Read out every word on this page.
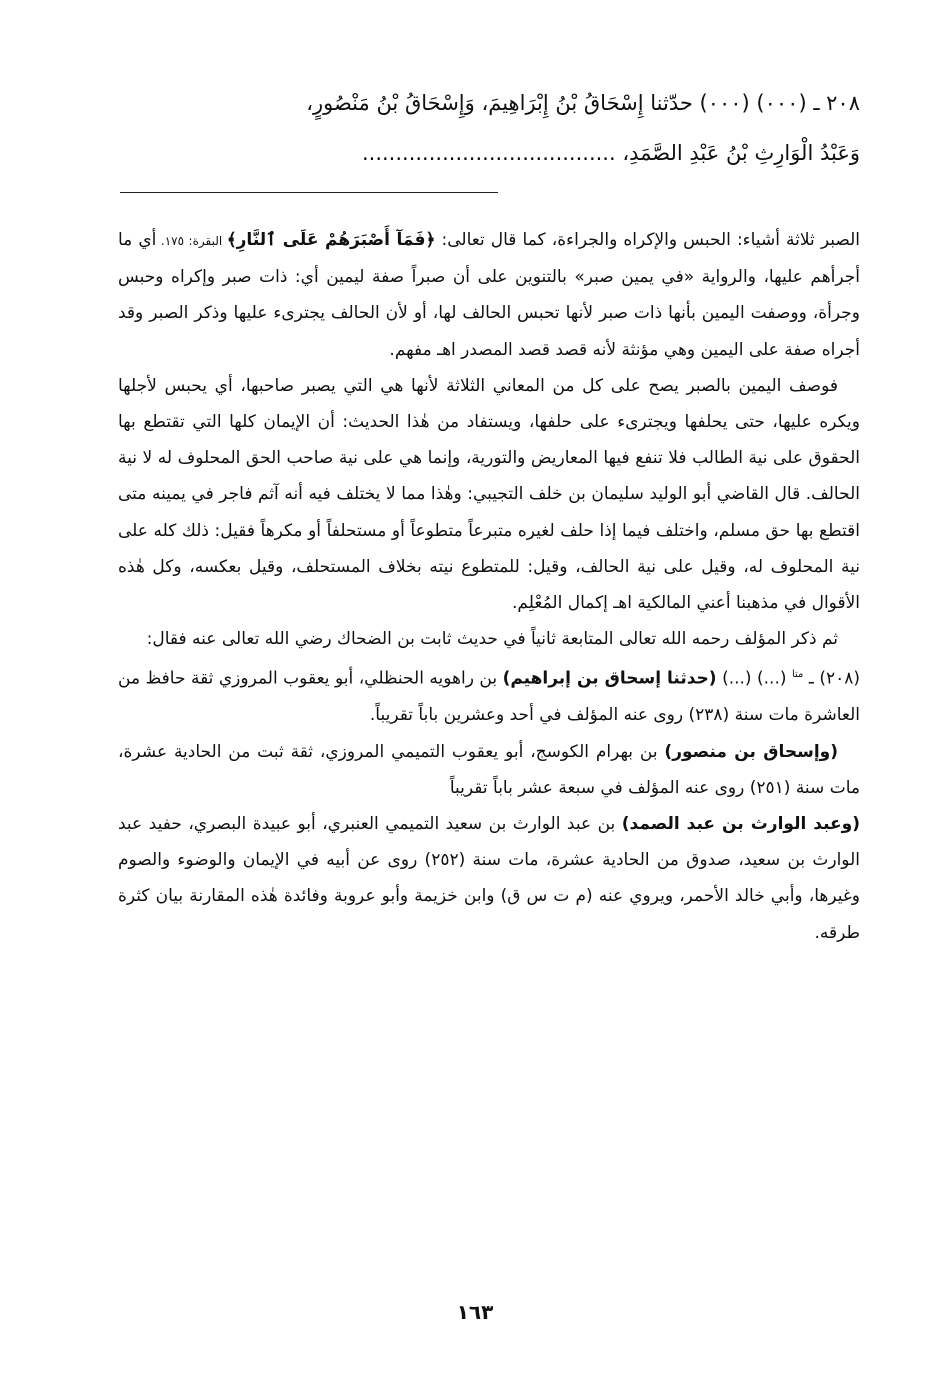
٢٠٨ ـ (٠٠٠) (٠٠٠) حدّثنا إِسْحَاقُ بْنُ إِبْرَاهِيمَ، وَإِسْحَاقُ بْنُ مَنْصُورٍ،

وَعَبْدُ الْوَارِثِ بْنُ عَبْدِ الصَّمَدِ، ......................................

الصبر ثلاثة أشياء: الحبس والإكراه والجراءة، كما قال تعالى: ﴿فَمَآ أَصْبَرَهُمْ عَلَى ٱلنَّارِ﴾ البقرة: ١٧٥. أي ما أجرأهم عليها، والرواية «في يمين صبر» بالتنوين على أن صبراً صفة ليمين أي: ذات صبر وإكراه وحبس وجرأة، ووصفت اليمين بأنها ذات صبر لأنها تحبس الحالف لها، أو لأن الحالف يجترىء عليها وذكر الصبر وقد أجراه صفة على اليمين وهي مؤنثة لأنه قصد قصد المصدر اهـ مفهم.

فوصف اليمين بالصبر يصح على كل من المعاني الثلاثة لأنها هي التي يصبر صاحبها، أي يحبس لأجلها ويكره عليها، حتى يحلفها ويجترىء على حلفها، ويستفاد من هٰذا الحديث: أن الإيمان كلها التي تقتطع بها الحقوق على نية الطالب فلا تنفع فيها المعاريض والتورية، وإنما هي على نية صاحب الحق المحلوف له لا نية الحالف. قال القاضي أبو الوليد سليمان بن خلف التجيبي: وهٰذا مما لا يختلف فيه أنه آثم فاجر في يمينه متى اقتطع بها حق مسلم، واختلف فيما إذا حلف لغيره متبرعاً متطوعاً أو مستحلفاً أو مكرهاً فقيل: ذلك كله على نية المحلوف له، وقيل على نية الحالف، وقيل: للمتطوع نيته بخلاف المستحلف، وقيل بعكسه، وكل هٰذه الأقوال في مذهبنا أعني المالكية اهـ إكمال المُعْلِم.

ثم ذكر المؤلف رحمه الله تعالى المتابعة ثانياً في حديث ثابت بن الضحاك رضي الله تعالى عنه فقال:

(٢٠٨) ـ $^{متا}$ (...) (...) (حدثنا إسحاق بن إبراهيم) بن راهويه الحنظلي، أبو يعقوب المروزي ثقة حافظ من العاشرة مات سنة (٢٣٨) روى عنه المؤلف في أحد وعشرين باباً تقريباً.

(وإسحاق بن منصور) بن بهرام الكوسج، أبو يعقوب التميمي المروزي، ثقة ثبت من الحادية عشرة، مات سنة (٢٥١) روى عنه المؤلف في سبعة عشر باباً تقريباً

(وعبد الوارث بن عبد الصمد) بن عبد الوارث بن سعيد التميمي العنبري، أبو عبيدة البصري، حفيد عبد الوارث بن سعيد، صدوق من الحادية عشرة، مات سنة (٢٥٢) روى عن أبيه في الإيمان والوضوء والصوم وغيرها، وأبي خالد الأحمر، ويروي عنه (م ت س ق) وابن خزيمة وأبو عروبة وفائدة هٰذه المقارنة بيان كثرة طرقه.

١٦٣
